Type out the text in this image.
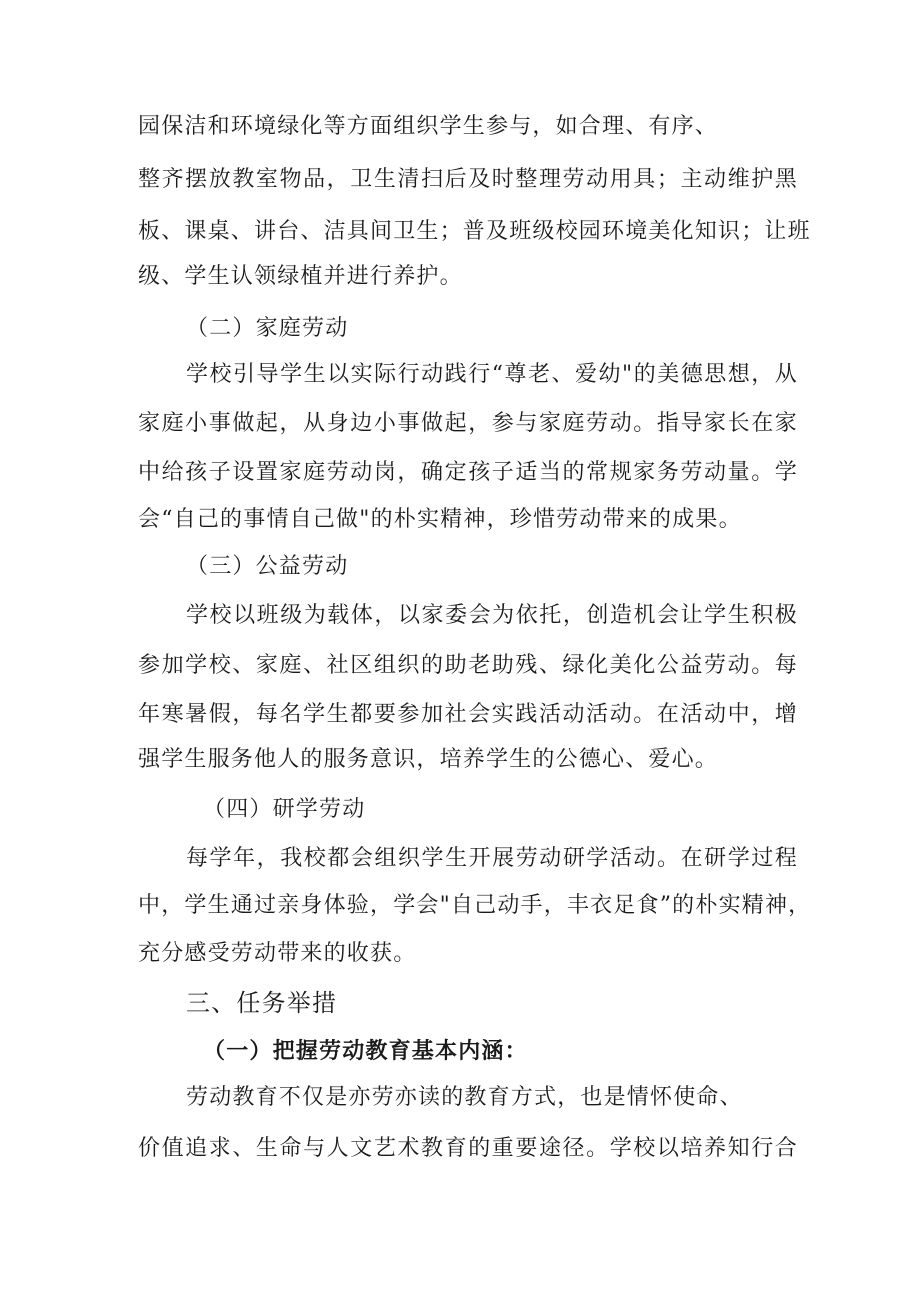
园保洁和环境绿化等方面组织学生参与，如合理、有序、
整齐摆放教室物品，卫生清扫后及时整理劳动用具；主动维护黑
板、课桌、讲台、洁具间卫生；普及班级校园环境美化知识；让班
级、学生认领绿植并进行养护。
（二）家庭劳动
学校引导学生以实际行动践行“尊老、爱幼"的美德思想，从
家庭小事做起，从身边小事做起，参与家庭劳动。指导家长在家
中给孩子设置家庭劳动岗，确定孩子适当的常规家务劳动量。学
会“自己的事情自己做"的朴实精神，珍惜劳动带来的成果。
（三）公益劳动
学校以班级为载体，以家委会为依托，创造机会让学生积极
参加学校、家庭、社区组织的助老助残、绿化美化公益劳动。每
年寒暑假，每名学生都要参加社会实践活动活动。在活动中，增
强学生服务他人的服务意识，培养学生的公德心、爱心。
（四）研学劳动
每学年，我校都会组织学生开展劳动研学活动。在研学过程
中，学生通过亲身体验，学会"自己动手，丰衣足食”的朴实精神，
充分感受劳动带来的收获。
三、任务举措
（一）把握劳动教育基本内涵：
劳动教育不仅是亦劳亦读的教育方式，也是情怀使命、
价值追求、生命与人文艺术教育的重要途径。学校以培养知行合
